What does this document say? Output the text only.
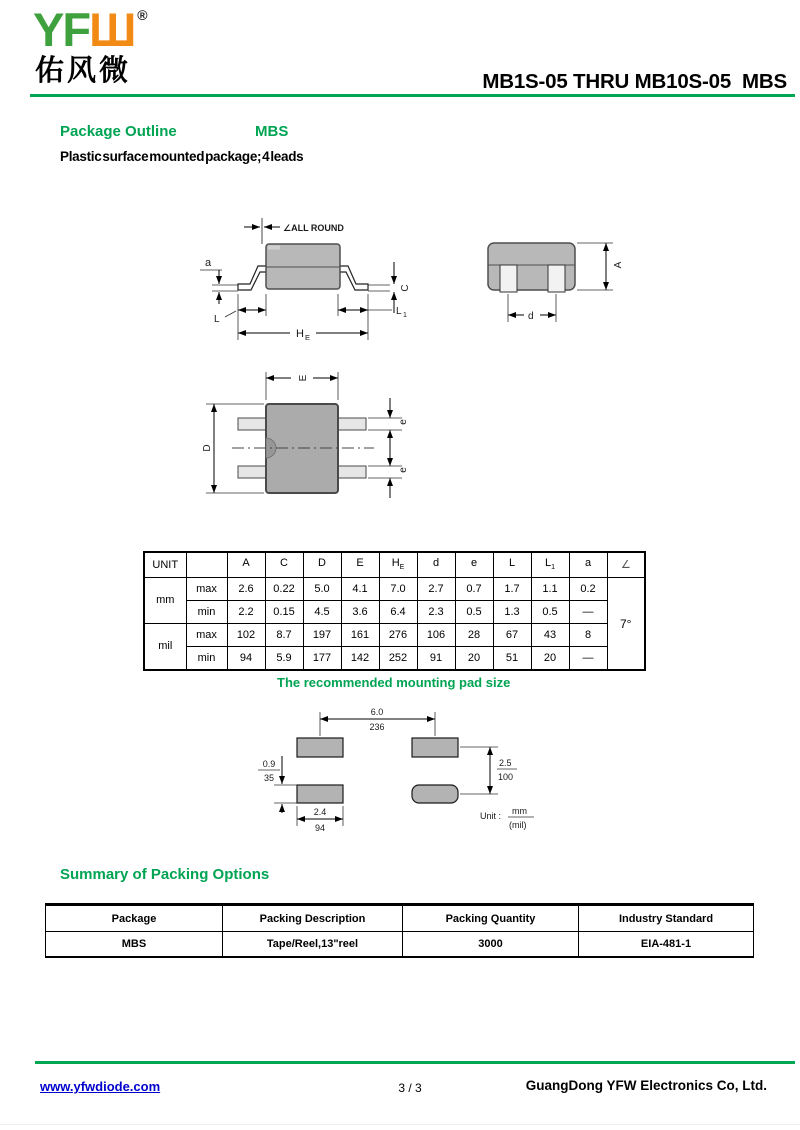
YFШ®
佑风微	MB1S-05 THRU MB10S-05  MBS
Package Outline	MBS
Plastic surface mounted package; 4 leads
∠ALL ROUND
a
C
L
L 1
H E
A
d
E
D
e
e
UNIT		A	C	D	E	$H_E$	d	e	L	$L_1$	a	∠
mm	max	2.6	0.22	5.0	4.1	7.0	2.7	0.7	1.7	1.1	0.2	7°
	min	2.2	0.15	4.5	3.6	6.4	2.3	0.5	1.3	0.5	—	
mil	max	102	8.7	197	161	276	106	28	67	43	8	
	min	94	5.9	177	142	252	91	20	51	20	—	
The recommended mounting pad size
6.0
236
0.9
35
2.4
94
2.5
100
Unit : mm
(mil)
Summary of Packing Options
Package	Packing Description	Packing Quantity	Industry Standard
MBS	Tape/Reel,13"reel	3000	EIA-481-1
www.yfwdiode.com	3 / 3	GuangDong YFW Electronics Co, Ltd.
